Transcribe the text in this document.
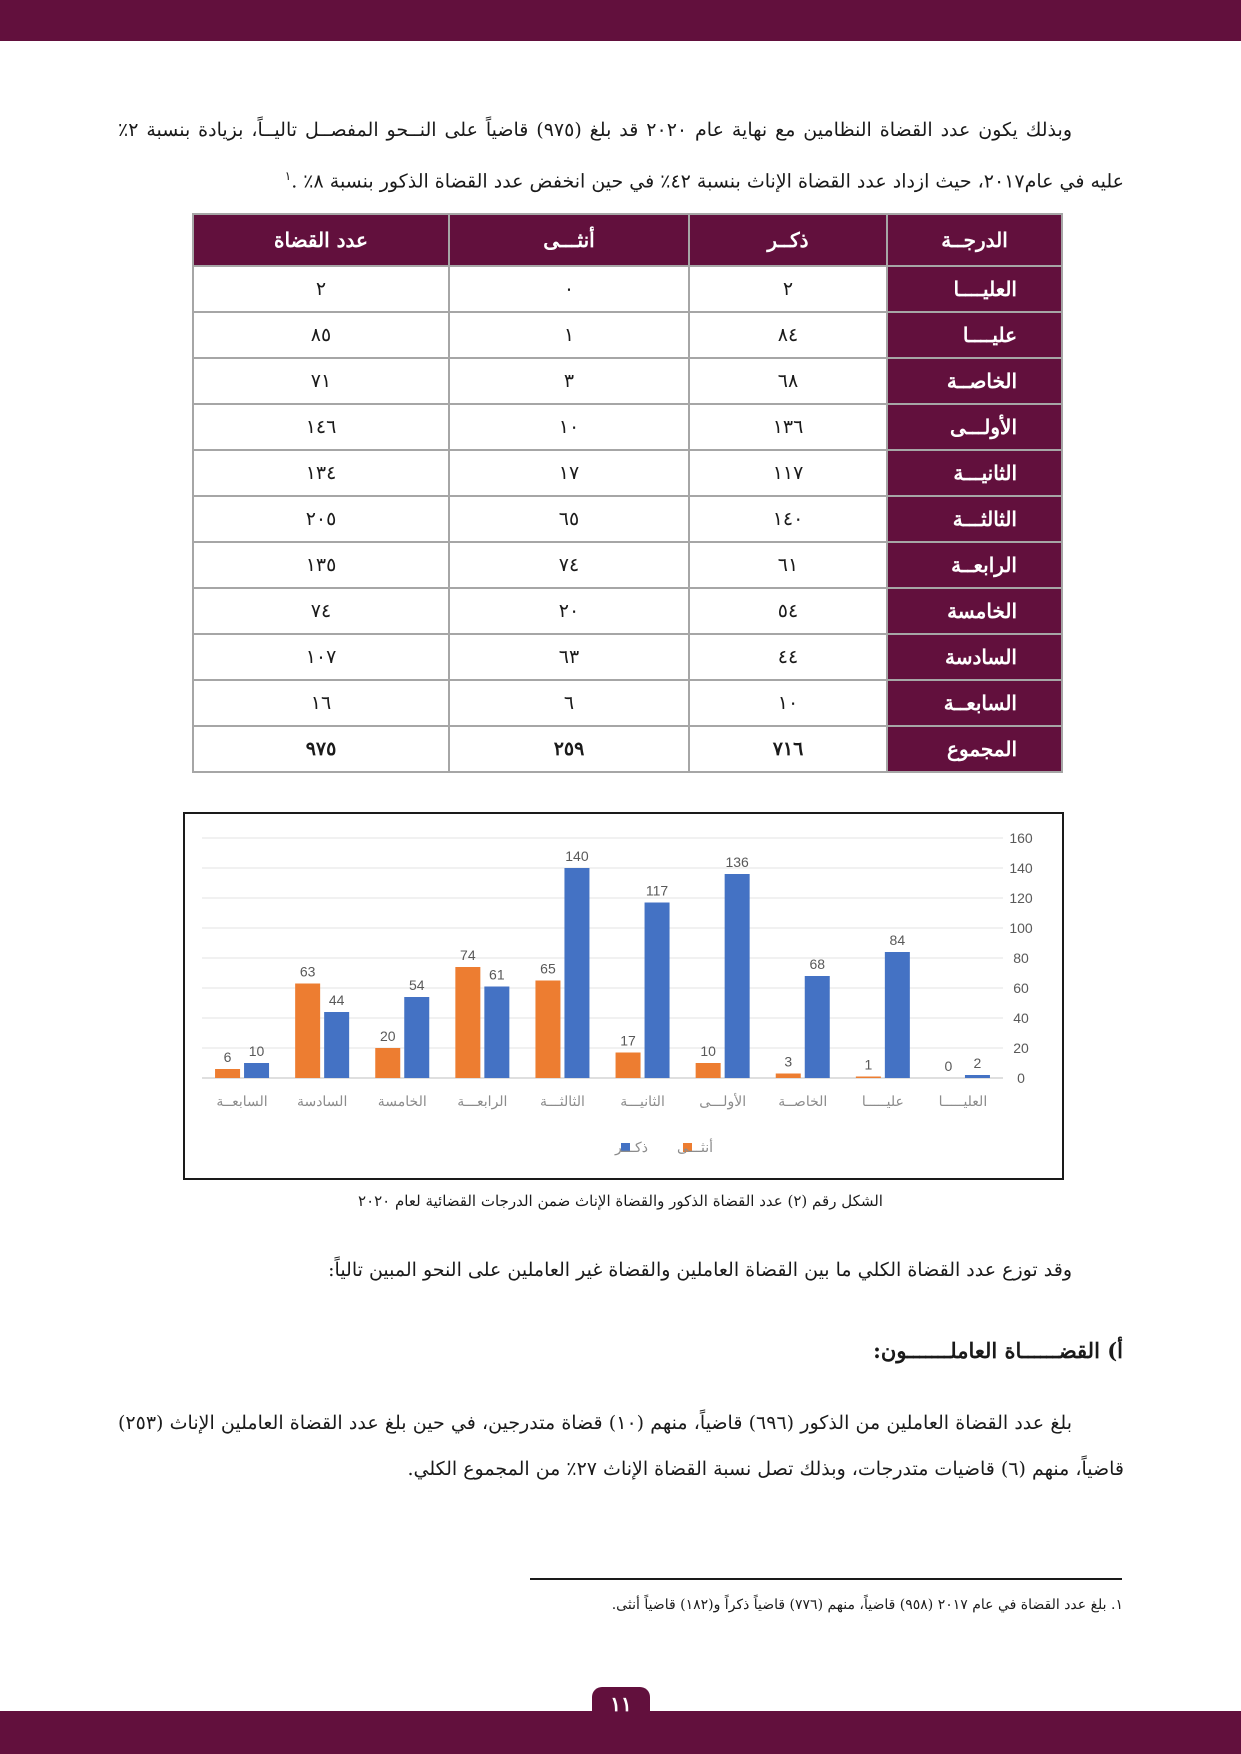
وبذلك يكون عدد القضاة النظامين مع نهاية عام ٢٠٢٠ قد بلغ (٩٧٥) قاضياً على النــحو المفصــل تاليــاً، بزيادة بنسبة ٢٪ عليه في عام٢٠١٧، حيث ازداد عدد القضاة الإناث بنسبة ٤٢٪ في حين انخفض عدد القضاة الذكور بنسبة ٨٪ .$^١$

الدرجــة	ذكــر	أنثـــى	عدد القضاة
العليــــا	٢	٠	٢
عليــــا	٨٤	١	٨٥
الخاصــة	٦٨	٣	٧١
الأولـــى	١٣٦	١٠	١٤٦
الثانيـــة	١١٧	١٧	١٣٤
الثالثـــة	١٤٠	٦٥	٢٠٥
الرابعــة	٦١	٧٤	١٣٥
الخامسة	٥٤	٢٠	٧٤
السادسة	٤٤	٦٣	١٠٧
السابعــة	١٠	٦	١٦
المجموع	٧١٦	٢٥٩	٩٧٥
0
20
40
60
80
100
120
140
160
0 2
العليـــــا
1
84
عليـــــا
3
68
الخاصــة
10
136
الأولـــى
17
117
الثانيـــة
65
140
الثالثـــة
74
61
الرابعـــة
20
54
الخامسة
63
44
السادسة
6 10
السابعــة
أنثـــى
ذكـــر

الشكل رقم (٢) عدد القضاة الذكور والقضاة الإناث ضمن الدرجات القضائية لعام ٢٠٢٠

وقد توزع عدد القضاة الكلي ما بين القضاة العاملين والقضاة غير العاملين على النحو المبين تالياً:

أ) القضــــــاة العاملـــــــون:

بلغ عدد القضاة العاملين من الذكور (٦٩٦) قاضياً، منهم (١٠) قضاة متدرجين، في حين بلغ عدد القضاة العاملين الإناث (٢٥٣) قاضياً، منهم (٦) قاضيات متدرجات، وبذلك تصل نسبة القضاة الإناث ٢٧٪ من المجموع الكلي.

١. بلغ عدد القضاة في عام ٢٠١٧ (٩٥٨) قاضياً، منهم (٧٧٦) قاضياً ذكراً و(١٨٢) قاضياً أنثى.

١١
